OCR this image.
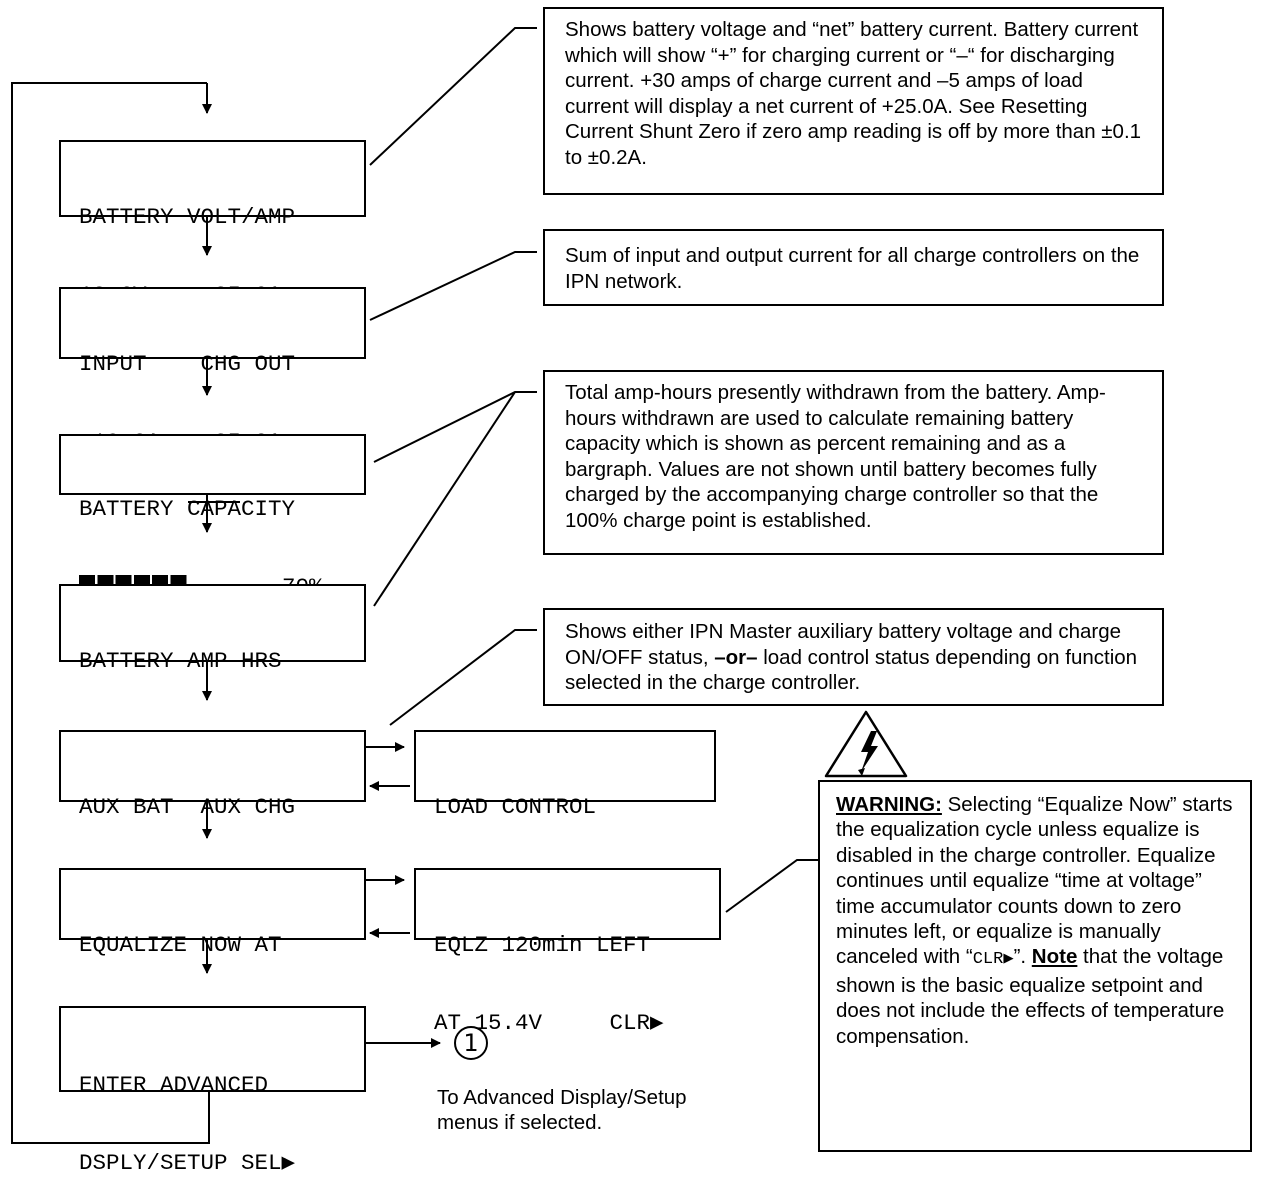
BATTERY VOLT/AMP

INPUT    CHG OUT

BATTERY CAPACITY

BATTERY AMP-HRS

AUX BAT  AUX CHG

	LOAD CONTROL

EQUALIZE NOW AT

	EQLZ 120min LEFT

AT 15.4V     CLR▶

ENTER ADVANCED

DSPLY/SETUP SEL▶

1
To Advanced Display/Setup
menus if selected.

Shows battery voltage and “net” battery current. Battery current which will show “+” for charging current or “–“ for discharging current. +30 amps of charge current and –5 amps of load current will display a net current of +25.0A. See Resetting Current Shunt Zero if zero amp reading is off by more than ±0.1 to ±0.2A.

Sum of input and output current for all charge controllers on the IPN network.

Total amp-hours presently withdrawn from the battery. Amp-hours withdrawn are used to calculate remaining battery capacity which is shown as percent remaining and as a bargraph. Values are not shown until battery becomes fully charged by the accompanying charge controller so that the 100% charge point is established.

Shows either IPN Master auxiliary battery voltage and charge ON/OFF status, –or– load control status depending on function selected in the charge controller.

WARNING: Selecting “Equalize Now” starts the equalization cycle unless equalize is disabled in the charge controller. Equalize continues until equalize “time at voltage” time accumulator counts down to zero minutes left, or equalize is manually canceled with “CLR▶”. Note that the voltage shown is the basic equalize setpoint and does not include the effects of temperature compensation.
